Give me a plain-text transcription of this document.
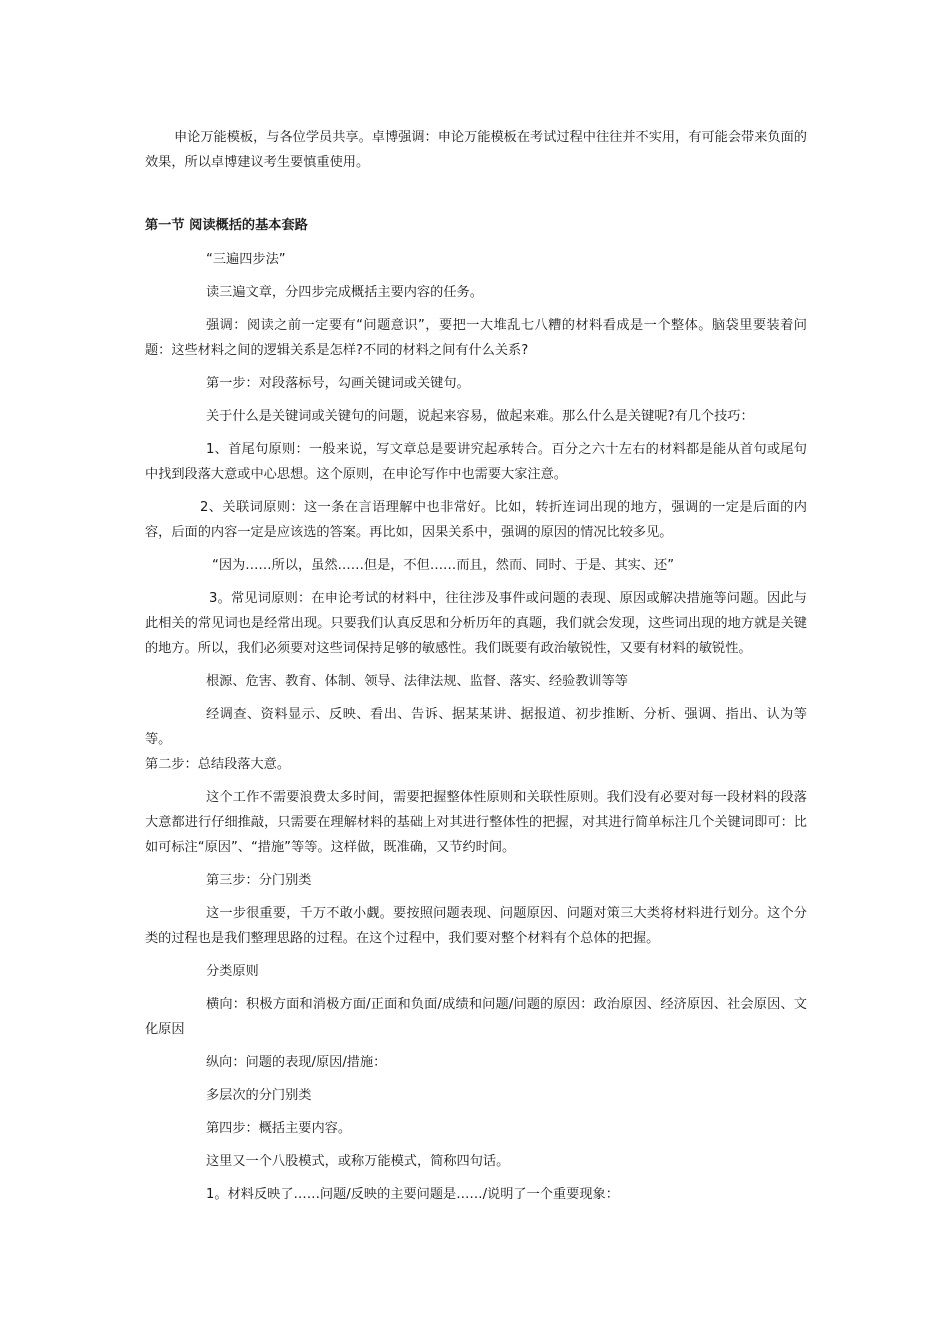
申论万能模板，与各位学员共享。卓博强调：申论万能模板在考试过程中往往并不实用，有可能会带来负面的效果，所以卓博建议考生要慎重使用。

第一节 阅读概括的基本套路

“三遍四步法”

读三遍文章，分四步完成概括主要内容的任务。

强调：阅读之前一定要有“问题意识”，要把一大堆乱七八糟的材料看成是一个整体。脑袋里要装着问题：这些材料之间的逻辑关系是怎样?不同的材料之间有什么关系?

第一步：对段落标号，勾画关键词或关键句。

关于什么是关键词或关键句的问题，说起来容易，做起来难。那么什么是关键呢?有几个技巧：

1、首尾句原则：一般来说，写文章总是要讲究起承转合。百分之六十左右的材料都是能从首句或尾句中找到段落大意或中心思想。这个原则，在申论写作中也需要大家注意。

2、关联词原则：这一条在言语理解中也非常好。比如，转折连词出现的地方，强调的一定是后面的内容，后面的内容一定是应该选的答案。再比如，因果关系中，强调的原因的情况比较多见。

“因为……所以，虽然……但是，不但……而且，然而、同时、于是、其实、还”

3。常见词原则：在申论考试的材料中，往往涉及事件或问题的表现、原因或解决措施等问题。因此与此相关的常见词也是经常出现。只要我们认真反思和分析历年的真题，我们就会发现，这些词出现的地方就是关键的地方。所以，我们必须要对这些词保持足够的敏感性。我们既要有政治敏锐性，又要有材料的敏锐性。

根源、危害、教育、体制、领导、法律法规、监督、落实、经验教训等等

经调查、资料显示、反映、看出、告诉、据某某讲、据报道、初步推断、分析、强调、指出、认为等等。

第二步：总结段落大意。

这个工作不需要浪费太多时间，需要把握整体性原则和关联性原则。我们没有必要对每一段材料的段落大意都进行仔细推敲，只需要在理解材料的基础上对其进行整体性的把握，对其进行简单标注几个关键词即可：比如可标注“原因”、“措施”等等。这样做，既准确，又节约时间。

第三步：分门别类

这一步很重要，千万不敢小觑。要按照问题表现、问题原因、问题对策三大类将材料进行划分。这个分类的过程也是我们整理思路的过程。在这个过程中，我们要对整个材料有个总体的把握。

分类原则

横向：积极方面和消极方面/正面和负面/成绩和问题/问题的原因：政治原因、经济原因、社会原因、文化原因

纵向：问题的表现/原因/措施：

多层次的分门别类

第四步：概括主要内容。

这里又一个八股模式，或称万能模式，简称四句话。

1。材料反映了……问题/反映的主要问题是……/说明了一个重要现象：
